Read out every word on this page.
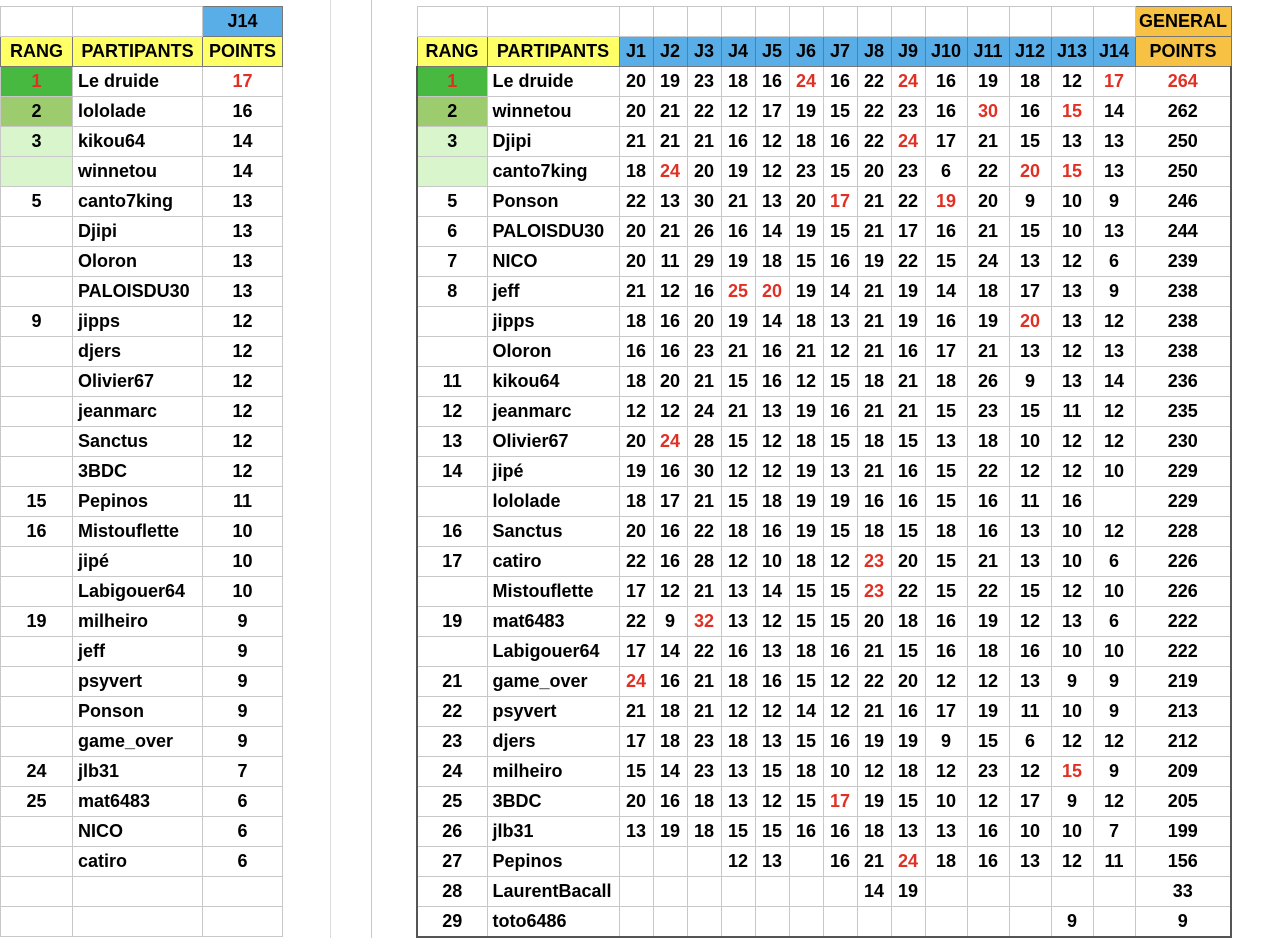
		J14
RANG	PARTIPANTS	POINTS
1	Le druide	17
2	lololade	16
3	kikou64	14
	winnetou	14
5	canto7king	13
	Djipi	13
	Oloron	13
	PALOISDU30	13
9	jipps	12
	djers	12
	Olivier67	12
	jeanmarc	12
	Sanctus	12
	3BDC	12
15	Pepinos	11
16	Mistouflette	10
	jipé	10
	Labigouer64	10
19	milheiro	9
	jeff	9
	psyvert	9
	Ponson	9
	game_over	9
24	jlb31	7
25	mat6483	6
	NICO	6
	catiro	6

																GENERAL
RANG	PARTIPANTS	J1	J2	J3	J4	J5	J6	J7	J8	J9	J10	J11	J12	J13	J14	POINTS
1	Le druide	20	19	23	18	16	24	16	22	24	16	19	18	12	17	264
2	winnetou	20	21	22	12	17	19	15	22	23	16	30	16	15	14	262
3	Djipi	21	21	21	16	12	18	16	22	24	17	21	15	13	13	250
	canto7king	18	24	20	19	12	23	15	20	23	6	22	20	15	13	250
5	Ponson	22	13	30	21	13	20	17	21	22	19	20	9	10	9	246
6	PALOISDU30	20	21	26	16	14	19	15	21	17	16	21	15	10	13	244
7	NICO	20	11	29	19	18	15	16	19	22	15	24	13	12	6	239
8	jeff	21	12	16	25	20	19	14	21	19	14	18	17	13	9	238
	jipps	18	16	20	19	14	18	13	21	19	16	19	20	13	12	238
	Oloron	16	16	23	21	16	21	12	21	16	17	21	13	12	13	238
11	kikou64	18	20	21	15	16	12	15	18	21	18	26	9	13	14	236
12	jeanmarc	12	12	24	21	13	19	16	21	21	15	23	15	11	12	235
13	Olivier67	20	24	28	15	12	18	15	18	15	13	18	10	12	12	230
14	jipé	19	16	30	12	12	19	13	21	16	15	22	12	12	10	229
	lololade	18	17	21	15	18	19	19	16	16	15	16	11	16		229
16	Sanctus	20	16	22	18	16	19	15	18	15	18	16	13	10	12	228
17	catiro	22	16	28	12	10	18	12	23	20	15	21	13	10	6	226
	Mistouflette	17	12	21	13	14	15	15	23	22	15	22	15	12	10	226
19	mat6483	22	9	32	13	12	15	15	20	18	16	19	12	13	6	222
	Labigouer64	17	14	22	16	13	18	16	21	15	16	18	16	10	10	222
21	game_over	24	16	21	18	16	15	12	22	20	12	12	13	9	9	219
22	psyvert	21	18	21	12	12	14	12	21	16	17	19	11	10	9	213
23	djers	17	18	23	18	13	15	16	19	19	9	15	6	12	12	212
24	milheiro	15	14	23	13	15	18	10	12	18	12	23	12	15	9	209
25	3BDC	20	16	18	13	12	15	17	19	15	10	12	17	9	12	205
26	jlb31	13	19	18	15	15	16	16	18	13	13	16	10	10	7	199
27	Pepinos				12	13		16	21	24	18	16	13	12	11	156
28	LaurentBacall								14	19						33
29	toto6486													9		9
